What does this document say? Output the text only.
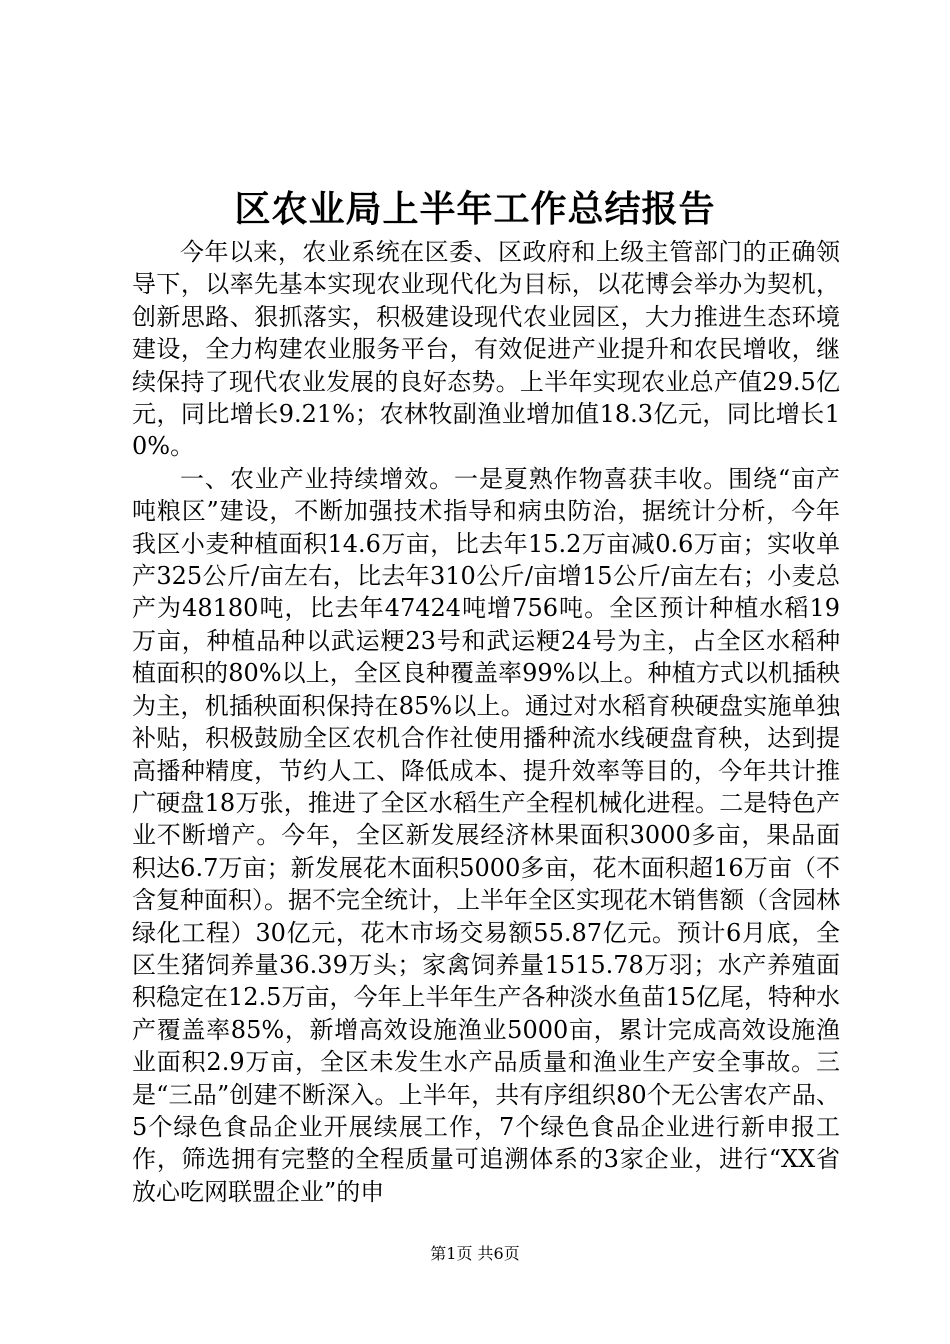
区农业局上半年工作总结报告

今年以来，农业系统在区委、区政府和上级主管部门的正确领导下，以率先基本实现农业现代化为目标，以花博会举办为契机，创新思路、狠抓落实，积极建设现代农业园区，大力推进生态环境建设，全力构建农业服务平台，有效促进产业提升和农民增收，继续保持了现代农业发展的良好态势。上半年实现农业总产值29.5亿元，同比增长9.21%；农林牧副渔业增加值18.3亿元，同比增长10%。

一、农业产业持续增效。一是夏熟作物喜获丰收。围绕“亩产吨粮区”建设，不断加强技术指导和病虫防治，据统计分析，今年我区小麦种植面积14.6万亩，比去年15.2万亩减0.6万亩；实收单产325公斤/亩左右，比去年310公斤/亩增15公斤/亩左右；小麦总产为48180吨，比去年47424吨增756吨。全区预计种植水稻19万亩，种植品种以武运粳23号和武运粳24号为主，占全区水稻种植面积的80%以上，全区良种覆盖率99%以上。种植方式以机插秧为主，机插秧面积保持在85%以上。通过对水稻育秧硬盘实施单独补贴，积极鼓励全区农机合作社使用播种流水线硬盘育秧，达到提高播种精度，节约人工、降低成本、提升效率等目的，今年共计推广硬盘18万张，推进了全区水稻生产全程机械化进程。二是特色产业不断增产。今年，全区新发展经济林果面积3000多亩，果品面积达6.7万亩；新发展花木面积5000多亩，花木面积超16万亩（不含复种面积）。据不完全统计，上半年全区实现花木销售额（含园林绿化工程）30亿元，花木市场交易额55.87亿元。预计6月底，全区生猪饲养量36.39万头；家禽饲养量1515.78万羽；水产养殖面积稳定在12.5万亩，今年上半年生产各种淡水鱼苗15亿尾，特种水产覆盖率85%，新增高效设施渔业5000亩，累计完成高效设施渔业面积2.9万亩，全区未发生水产品质量和渔业生产安全事故。三是“三品”创建不断深入。上半年，共有序组织80个无公害农产品、5个绿色食品企业开展续展工作，7个绿色食品企业进行新申报工作，筛选拥有完整的全程质量可追溯体系的3家企业，进行“XX省放心吃网联盟企业”的申

第1页 共6页
